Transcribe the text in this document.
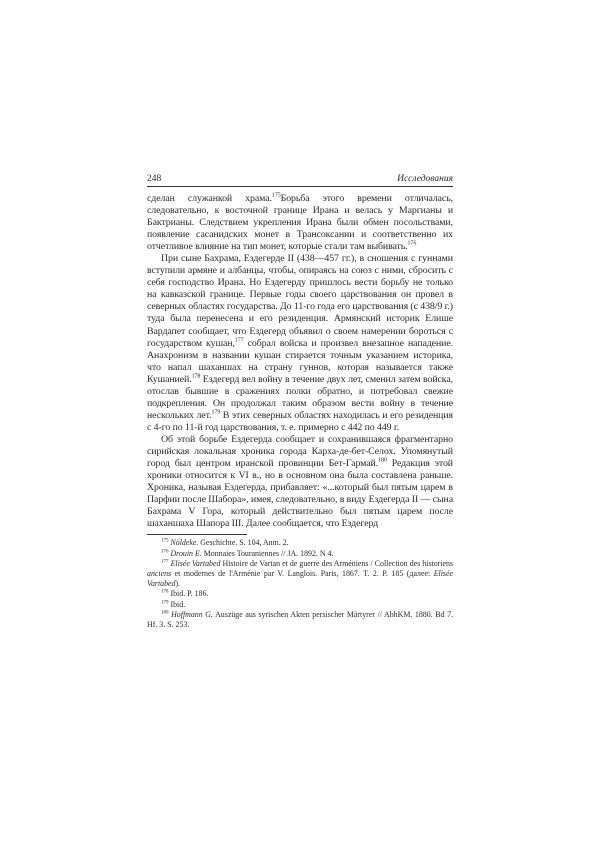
248	Исследования

сделан служанкой храма.$^{175}$Борьба этого времени отличалась, следовательно, к восточной границе Ирана и велась у Маргианы и Бактрианы. Следствием укрепления Ирана были обмен посольствами, появление сасанидских монет в Трансоксании и соответственно их отчетливое влияние на тип монет, которые стали там выбивать.$^{176}$

При сыне Бахрама, Ездегерде II (438—457 гг.), в сношения с гуннами вступили армяне и албанцы, чтобы, опираясь на союз с ними, сбросить с себя господство Ирана. Но Ездегерду пришлось вести борьбу не только на кавказской границе. Первые годы своего царствования он провел в северных областях государства. До 11-го года его царствования (с 438/9 г.) туда была перенесена и его резиденция. Армянский историк Елише Вардапет сообщает, что Ездегерд объявил о своем намерении бороться с государством кушан,$^{177}$ собрал войска и произвел внезапное нападение. Анахронизм в названии кушан стирается точным указанием историка, что напал шаханшах на страну гуннов, которая называется также Кушанией.$^{178}$ Ездегерд вел войну в течение двух лет, сменил затем войска, отослав бывшие в сражениях полки обратно, и потребовал свежие подкрепления. Он продолжал таким образом вести войну в течение нескольких лет.$^{179}$ В этих северных областях находилась и его резиденция с 4-го по 11-й год царствования, т. е. примерно с 442 по 449 г.

Об этой борьбе Ездегерда сообщает и сохранившаяся фрагментарно сирийская локальная хроника города Карха-де-бет-Селох. Упомянутый город был центром иранской провинции Бет-Гармай.$^{180}$ Редакция этой хроники относится к VI в., но в основном она была составлена раньше. Хроника, называя Ездегерда, прибавляет: «...который был пятым царем в Парфии после Шабора», имея, следовательно, в виду Ездегерда II — сына Бахрама V Гора, который действительно был пятым царем после шаханшаха Шапора III. Далее сообщается, что Ездегерд

$^{175}$ Nöldeke. Geschichte. S. 104, Anm. 2.

$^{176}$ Drouin E. Monnaies Touraniennes // JA. 1892. N 4.

$^{177}$ Elisée Vartabed Histoire de Vartan et de guerre des Arméniens / Collection des historiens anciens et modernes de l'Arménie par V. Langlois. Paris, 1867. T. 2. P. 185 (далее: Elisée Vartabed).

$^{178}$ Ibid. P. 186.

$^{179}$ Ibid.

$^{180}$ Hoffmann G. Auszüge aus syrischen Akten persischer Märtyrer // AbhKM. 1880. Bd 7. Hf. 3. S. 253.
